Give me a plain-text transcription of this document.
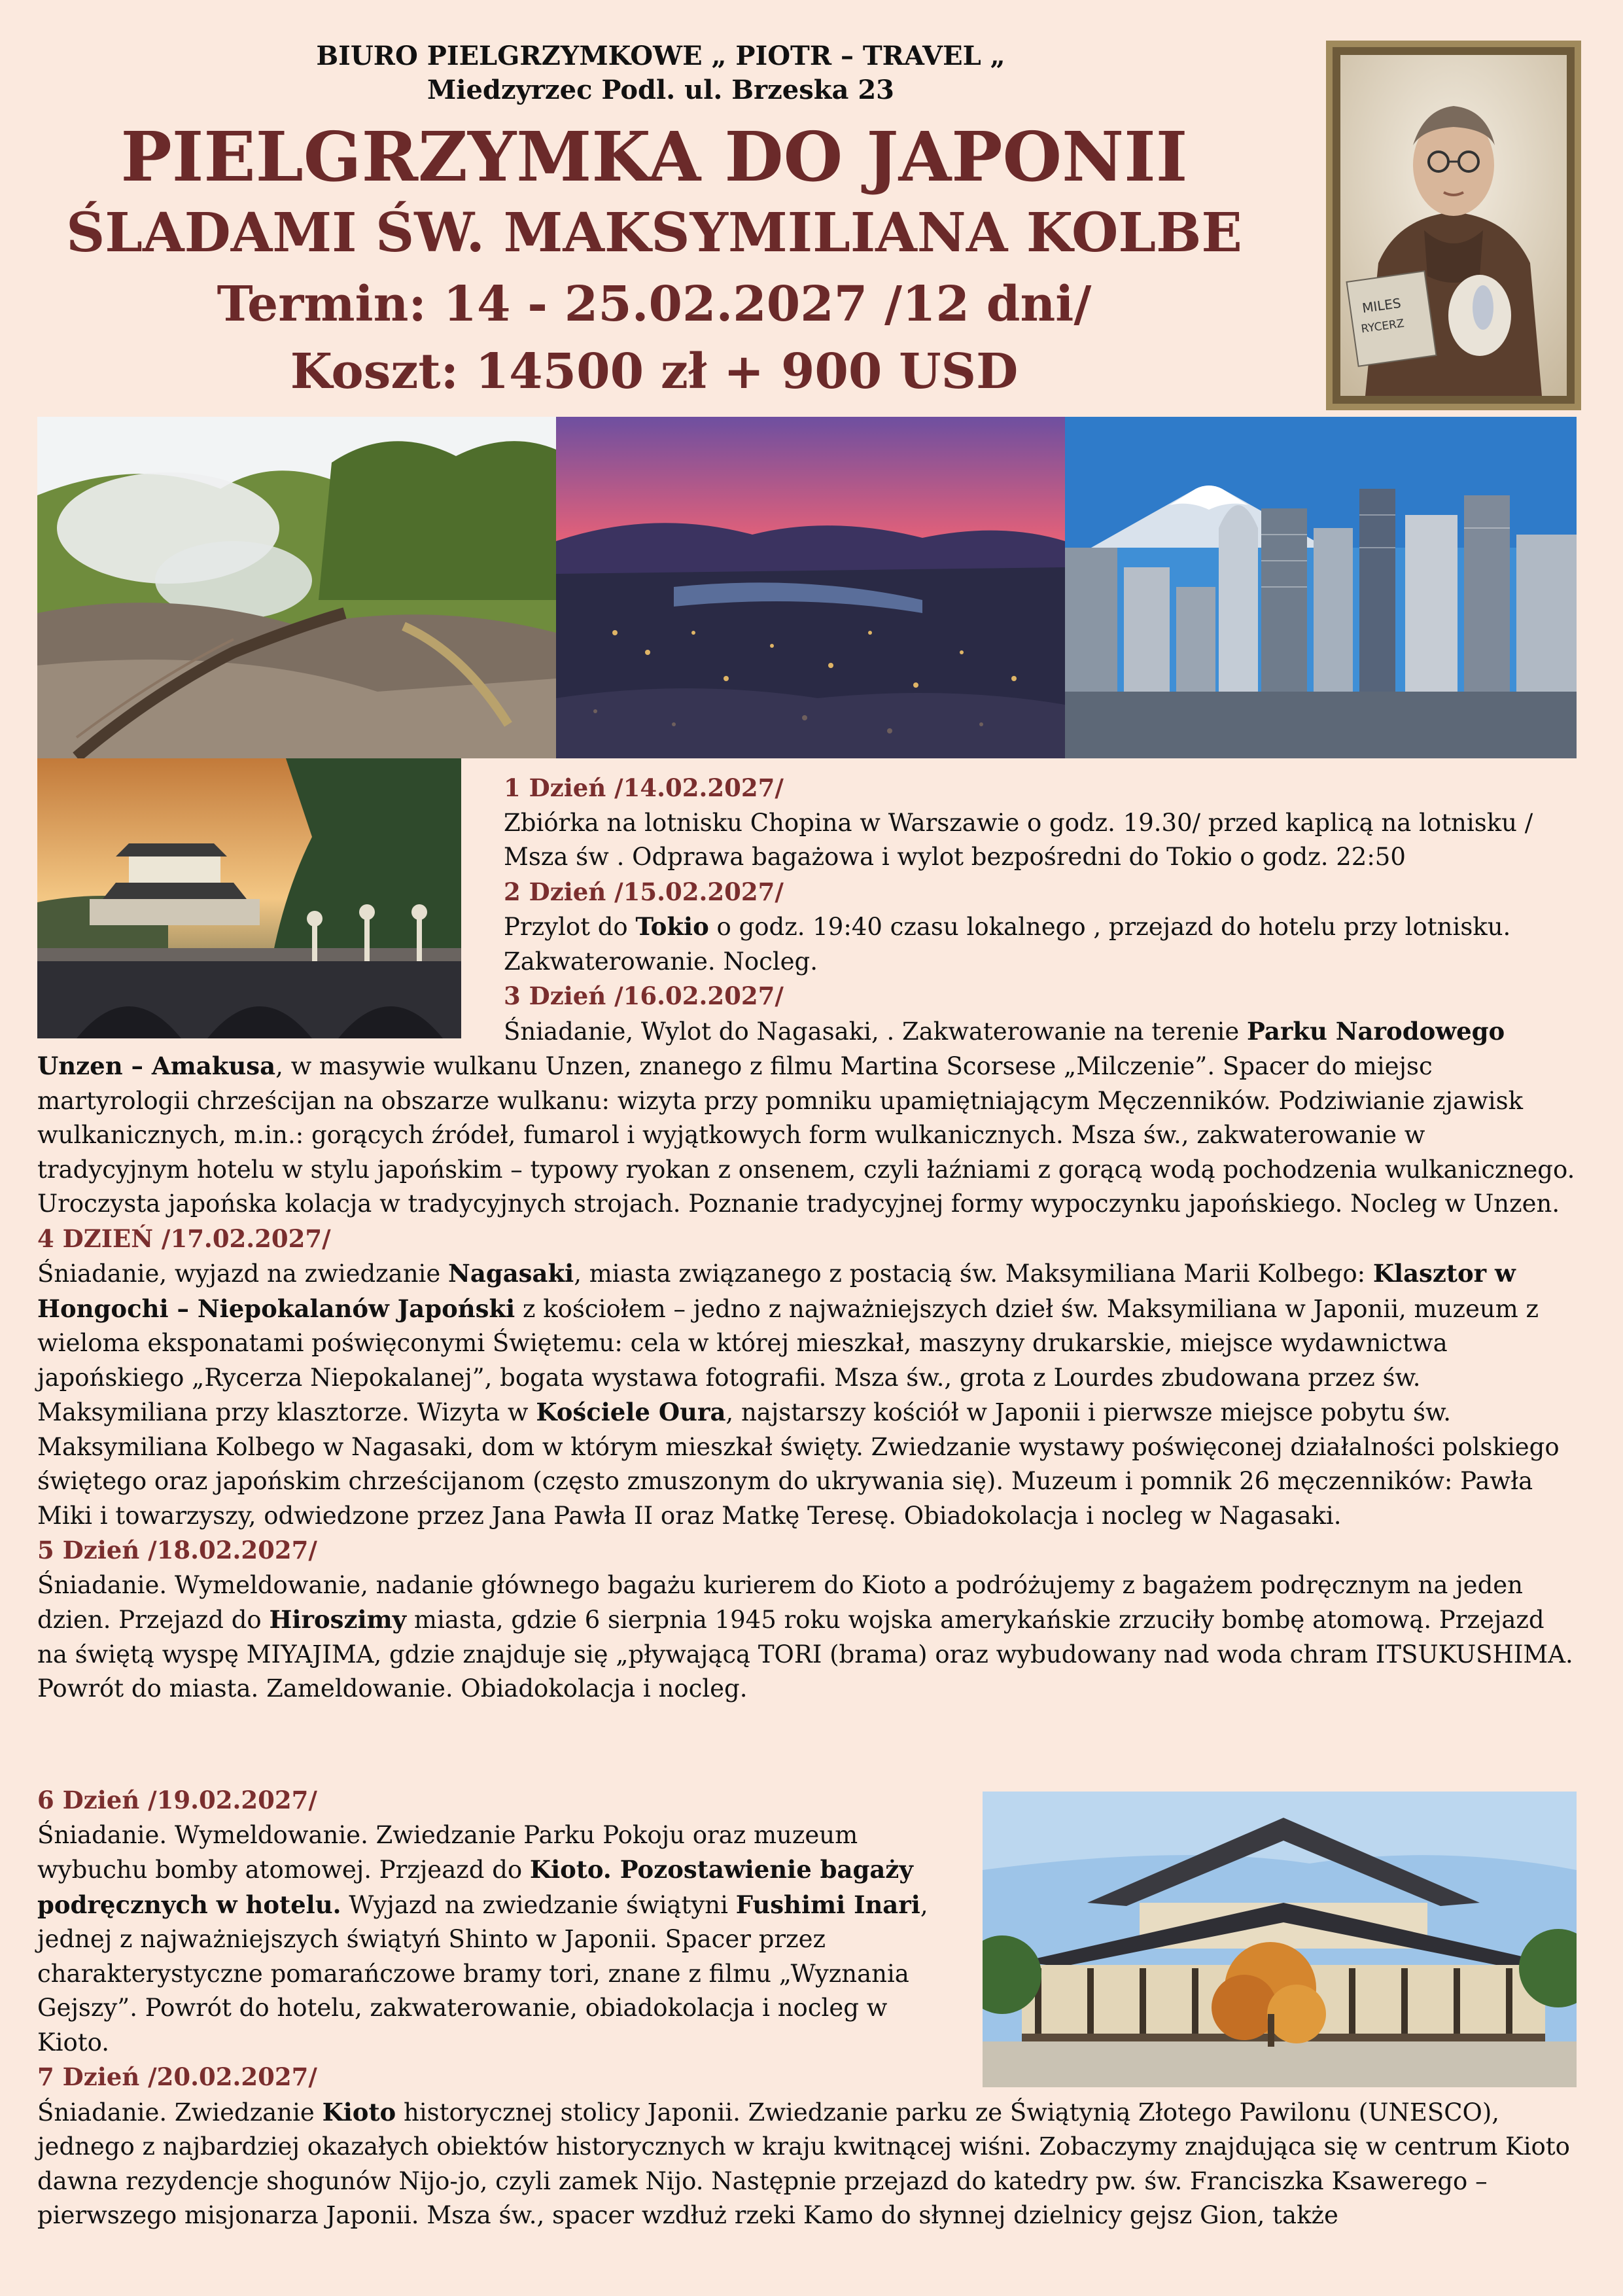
BIURO PIELGRZYMKOWE „ PIOTR – TRAVEL „
Miedzyrzec Podl. ul. Brzeska 23
PIELGRZYMKA DO JAPONII
ŚLADAMI ŚW. MAKSYMILIANA KOLBE
Termin: 14 - 25.02.2027 /12 dni/
Koszt: 14500 zł + 900 USD
MILES
RYCERZ

1 Dzień /14.02.2027/
Zbiórka na lotnisku Chopina w Warszawie o godz. 19.30/ przed kaplicą na lotnisku / Msza św . Odprawa bagażowa i wylot bezpośredni do Tokio o godz. 22:50

2 Dzień /15.02.2027/
Przylot do Tokio o godz. 19:40 czasu lokalnego , przejazd do hotelu przy lotnisku. Zakwaterowanie. Nocleg.

3 Dzień /16.02.2027/
Śniadanie, Wylot do Nagasaki, . Zakwaterowanie na terenie Parku Narodowego Unzen – Amakusa, w masywie wulkanu Unzen, znanego z filmu Martina Scorsese „Milczenie”. Spacer do miejsc martyrologii chrześcijan na obszarze wulkanu: wizyta przy pomniku upamiętniającym Męczenników. Podziwianie zjawisk wulkanicznych, m.in.: gorących źródeł, fumarol i wyjątkowych form wulkanicznych. Msza św., zakwaterowanie w tradycyjnym hotelu w stylu japońskim – typowy ryokan z onsenem, czyli łaźniami z gorącą wodą pochodzenia wulkanicznego. Uroczysta japońska kolacja w tradycyjnych strojach. Poznanie tradycyjnej formy wypoczynku japońskiego. Nocleg w Unzen.

4 DZIEŃ /17.02.2027/
Śniadanie, wyjazd na zwiedzanie Nagasaki, miasta związanego z postacią św. Maksymiliana Marii Kolbego: Klasztor w Hongochi – Niepokalanów Japoński z kościołem – jedno z najważniejszych dzieł św. Maksymiliana w Japonii, muzeum z wieloma eksponatami poświęconymi Świętemu: cela w której mieszkał, maszyny drukarskie, miejsce wydawnictwa japońskiego „Rycerza Niepokalanej”, bogata wystawa fotografii. Msza św., grota z Lourdes zbudowana przez św. Maksymiliana przy klasztorze. Wizyta w Kościele Oura, najstarszy kościół w Japonii i pierwsze miejsce pobytu św. Maksymiliana Kolbego w Nagasaki, dom w którym mieszkał święty. Zwiedzanie wystawy poświęconej działalności polskiego świętego oraz japońskim chrześcijanom (często zmuszonym do ukrywania się). Muzeum i pomnik 26 męczenników: Pawła Miki i towarzyszy, odwiedzone przez Jana Pawła II oraz Matkę Teresę. Obiadokolacja i nocleg w Nagasaki.

5 Dzień /18.02.2027/
Śniadanie. Wymeldowanie, nadanie głównego bagażu kurierem do Kioto a podróżujemy z bagażem podręcznym na jeden dzien. Przejazd do Hiroszimy miasta, gdzie 6 sierpnia 1945 roku wojska amerykańskie zrzuciły bombę atomową. Przejazd na świętą wyspę MIYAJIMA, gdzie znajduje się „pływającą TORI (brama) oraz wybudowany nad woda chram ITSUKUSHIMA. Powrót do miasta. Zameldowanie. Obiadokolacja i nocleg.

6 Dzień /19.02.2027/
Śniadanie. Wymeldowanie. Zwiedzanie Parku Pokoju oraz muzeum wybuchu bomby atomowej. Przjeazd do Kioto. Pozostawienie bagaży podręcznych w hotelu. Wyjazd na zwiedzanie świątyni Fushimi Inari, jednej z najważniejszych świątyń Shinto w Japonii. Spacer przez charakterystyczne pomarańczowe bramy tori, znane z filmu „Wyznania Gejszy”. Powrót do hotelu, zakwaterowanie, obiadokolacja i nocleg w Kioto.

7 Dzień /20.02.2027/
Śniadanie. Zwiedzanie Kioto historycznej stolicy Japonii. Zwiedzanie parku ze Świątynią Złotego Pawilonu (UNESCO), jednego z najbardziej okazałych obiektów historycznych w kraju kwitnącej wiśni. Zobaczymy znajdująca się w centrum Kioto dawna rezydencje shogunów Nijo-jo, czyli zamek Nijo. Następnie przejazd do katedry pw. św. Franciszka Ksawerego – pierwszego misjonarza Japonii. Msza św., spacer wzdłuż rzeki Kamo do słynnej dzielnicy gejsz Gion, także
